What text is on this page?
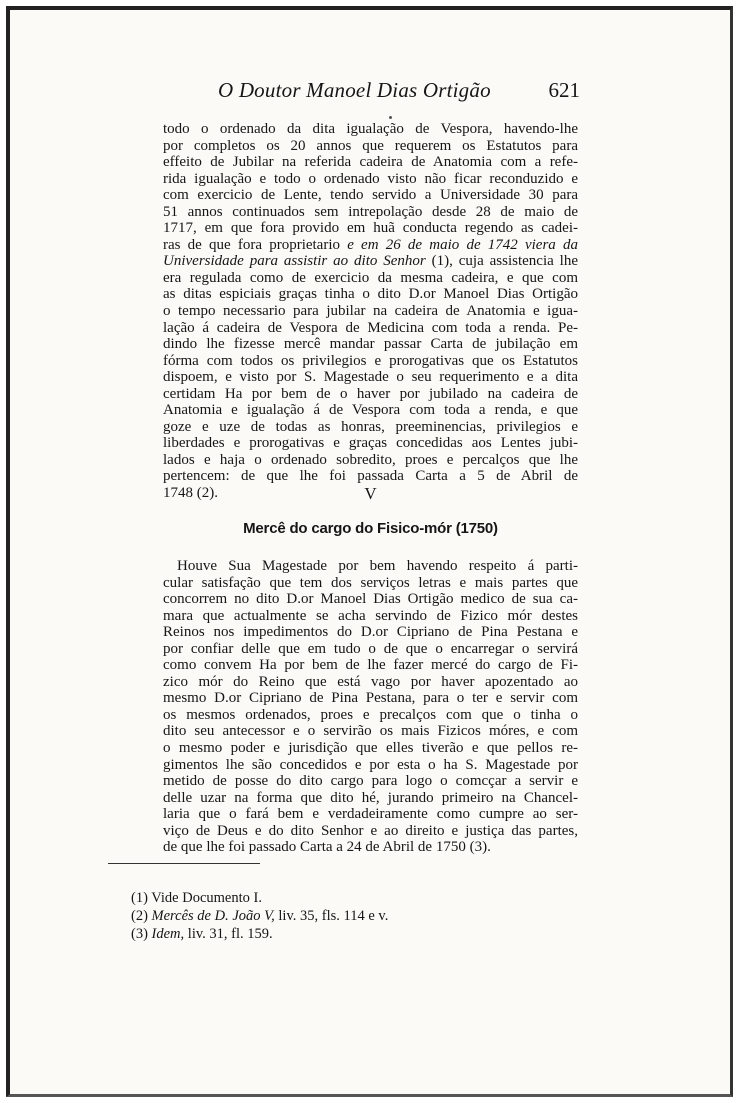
O Doutor Manoel Dias Ortigão	621
todo o ordenado da dita igualação de Vespora, havendo-lhe
por completos os 20 annos que requerem os Estatutos para
effeito de Jubilar na referida cadeira de Anatomia com a refe-
rida igualação e todo o ordenado visto não ficar reconduzido e
com exercicio de Lente, tendo servido a Universidade 30 para
51 annos continuados sem intrepolação desde 28 de maio de
1717, em que fora provido em huã conducta regendo as cadei-
ras de que fora proprietario e em 26 de maio de 1742 viera da
Universidade para assistir ao dito Senhor (1), cuja assistencia lhe
era regulada como de exercicio da mesma cadeira, e que com
as ditas espiciais graças tinha o dito D.or Manoel Dias Ortigão
o tempo necessario para jubilar na cadeira de Anatomia e igua-
lação á cadeira de Vespora de Medicina com toda a renda. Pe-
dindo lhe fizesse mercê mandar passar Carta de jubilação em
fórma com todos os privilegios e prorogativas que os Estatutos
dispoem, e visto por S. Magestade o seu requerimento e a dita
certidam Ha por bem de o haver por jubilado na cadeira de
Anatomia e igualação á de Vespora com toda a renda, e que
goze e uze de todas as honras, preeminencias, privilegios e
liberdades e prorogativas e graças concedidas aos Lentes jubi-
lados e haja o ordenado sobredito, proes e percalços que lhe
pertencem: de que lhe foi passada Carta a 5 de Abril de
1748 (2).	V
Mercê do cargo do Fisico-mór (1750)
Houve Sua Magestade por bem havendo respeito á parti-
cular satisfação que tem dos serviços letras e mais partes que
concorrem no dito D.or Manoel Dias Ortigão medico de sua ca-
mara que actualmente se acha servindo de Fizico mór destes
Reinos nos impedimentos do D.or Cipriano de Pina Pestana e
por confiar delle que em tudo o de que o encarregar o servirá
como convem Ha por bem de lhe fazer mercé do cargo de Fi-
zico mór do Reino que está vago por haver apozentado ao
mesmo D.or Cipriano de Pina Pestana, para o ter e servir com
os mesmos ordenados, proes e precalços com que o tinha o
dito seu antecessor e o servirão os mais Fizicos móres, e com
o mesmo poder e jurisdição que elles tiverão e que pellos re-
gimentos lhe são concedidos e por esta o ha S. Magestade por
metido de posse do dito cargo para logo o comcçar a servir e
delle uzar na forma que dito hé, jurando primeiro na Chancel-
laria que o fará bem e verdadeiramente como cumpre ao ser-
viço de Deus e do dito Senhor e ao direito e justiça das partes,
de que lhe foi passado Carta a 24 de Abril de 1750 (3).
(1) Vide Documento I.
(2) Mercês de D. João V, liv. 35, fls. 114 e v.
(3) Idem, liv. 31, fl. 159.
